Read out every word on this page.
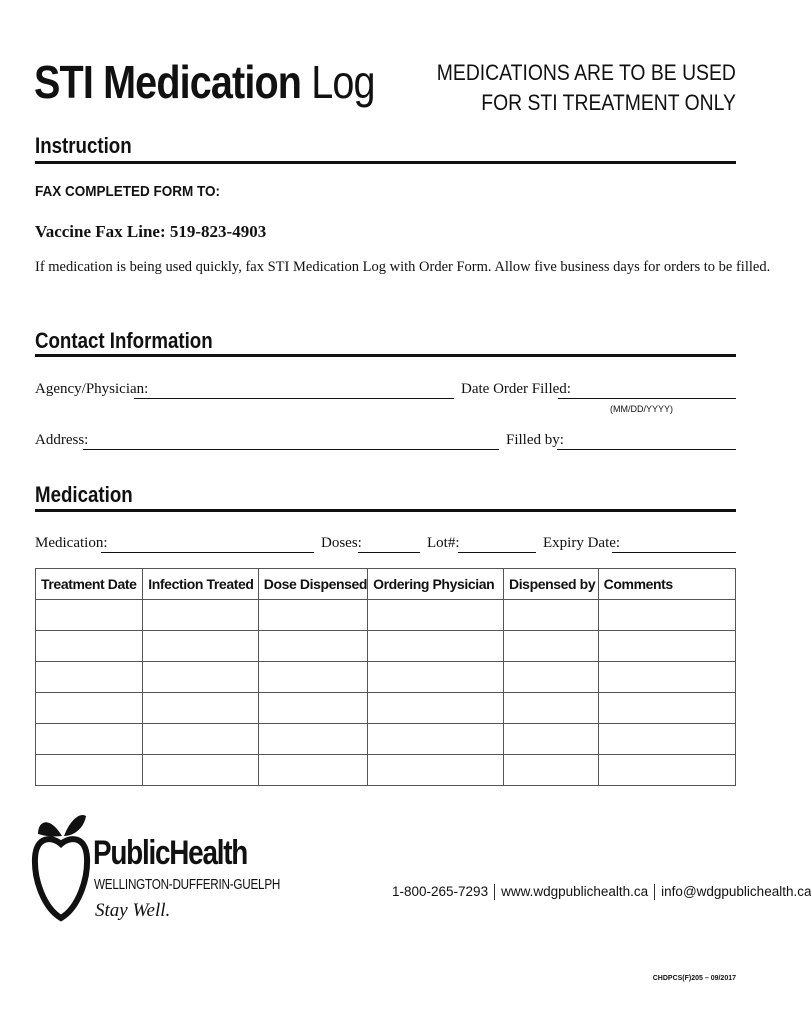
STI Medication Log	MEDICATIONS ARE TO BE USED
FOR STI TREATMENT ONLY
Instruction
FAX COMPLETED FORM TO:
Vaccine Fax Line: 519-823-4903
If medication is being used quickly, fax STI Medication Log with Order Form. Allow five business days for orders to be filled.
Contact Information
Agency/Physician:	Date Order Filled:
(MM/DD/YYYY)
Address:	Filled by:
Medication
Medication:	Doses:	Lot#:	Expiry Date:
Treatment Date	Infection Treated	Dose Dispensed	Ordering Physician	Dispensed by	Comments

PublicHealth
WELLINGTON-DUFFERIN-GUELPH
Stay Well.
1-800-265-7293 www.wdgpublichealth.ca info@wdgpublichealth.ca
CHDPCS(F)205 – 09/2017
